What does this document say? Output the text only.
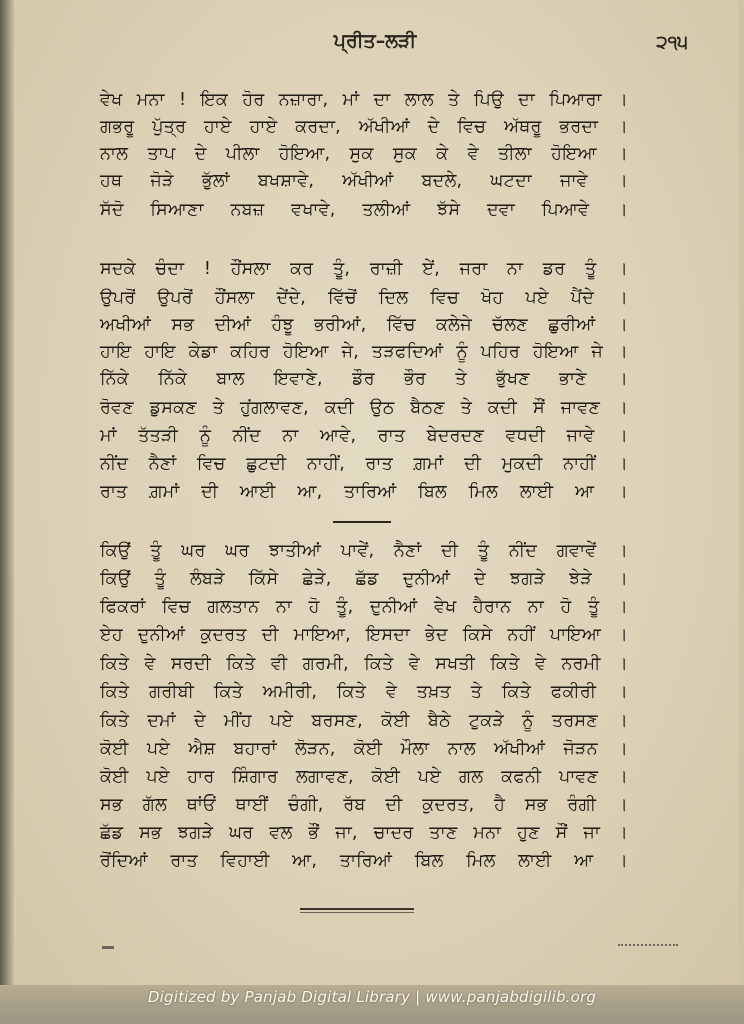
ਪ੍ਰੀਤ–ਲੜੀ	੨੧੫
ਵੇਖ ਮਨਾ ! ਇਕ ਹੋਰ ਨਜ਼ਾਰਾ, ਮਾਂ ਦਾ ਲਾਲ ਤੇ ਪਿਉ ਦਾ ਪਿਆਰਾ ।
ਗਭਰੂ ਪੁੱਤ੍ਰ ਹਾਏ ਹਾਏ ਕਰਦਾ, ਅੱਖੀਆਂ ਦੇ ਵਿਚ ਅੱਥਰੂ ਭਰਦਾ ।
ਨਾਲ ਤਾਪ ਦੇ ਪੀਲਾ ਹੋਇਆ, ਸੁਕ ਸੁਕ ਕੇ ਵੇ ਤੀਲਾ ਹੋਇਆ ।
ਹਥ ਜੋੜੇ ਭੁੱਲਾਂ ਬਖਸ਼ਾਵੇ, ਅੱਖੀਆਂ ਬਦਲੇ, ਘਟਦਾ ਜਾਵੇ ।
ਸੱਦੋ ਸਿਆਣਾ ਨਬਜ਼ ਵਖਾਵੇ, ਤਲੀਆਂ ਝੱਸੇ ਦਵਾ ਪਿਆਵੇ ।
ਸਦਕੇ ਚੰਦਾ ! ਹੌਂਸਲਾ ਕਰ ਤੂੰ, ਰਾਜ਼ੀ ਏਂ, ਜਰਾ ਨਾ ਡਰ ਤੂੰ ।
ਉਪਰੋਂ ਉਪਰੋਂ ਹੌਂਸਲਾ ਦੇਂਦੇ, ਵਿੱਚੋਂ ਦਿਲ ਵਿਚ ਖੋਹ ਪਏ ਪੈਂਦੇ ।
ਅਖੀਆਂ ਸਭ ਦੀਆਂ ਹੰਝੂ ਭਰੀਆਂ, ਵਿੱਚ ਕਲੇਜੇ ਚੱਲਣ ਛੁਰੀਆਂ ।
ਹਾਇ ਹਾਇ ਕੇਡਾ ਕਹਿਰ ਹੋਇਆ ਜੇ, ਤੜਫਦਿਆਂ ਨੂੰ ਪਹਿਰ ਹੋਇਆ ਜੇ ।
ਨਿੱਕੇ ਨਿੱਕੇ ਬਾਲ ਇਵਾਣੇ, ਡੌਰ ਭੌਰ ਤੇ ਭੁੱਖਣ ਭਾਣੇ ।
ਰੋਵਣ ਡੁਸਕਣ ਤੇ ਹੁਂਗਲਾਵਣ, ਕਦੀ ਉਠ ਬੈਠਣ ਤੇ ਕਦੀ ਸੌਂ ਜਾਵਣ ।
ਮਾਂ ਤੱਤੜੀ ਨੂੰ ਨੀਂਦ ਨਾ ਆਵੇ, ਰਾਤ ਬੇਦਰਦਣ ਵਧਦੀ ਜਾਵੇ ।
ਨੀਂਦ ਨੈਣਾਂ ਵਿਚ ਛੁਟਦੀ ਨਾਹੀਂ, ਰਾਤ ਗ਼ਮਾਂ ਦੀ ਮੁਕਦੀ ਨਾਹੀਂ ।
ਰਾਤ ਗ਼ਮਾਂ ਦੀ ਆਈ ਆ, ਤਾਰਿਆਂ ਬਿਲ ਮਿਲ ਲਾਈ ਆ ।
ਕਿਉਂ ਤੂੰ ਘਰ ਘਰ ਝਾਤੀਆਂ ਪਾਵੇਂ, ਨੈਣਾਂ ਦੀ ਤੂੰ ਨੀਂਦ ਗਵਾਵੇਂ ।
ਕਿਉਂ ਤੂੰ ਲੰਬੜੇ ਕਿੱਸੇ ਛੇੜੇ, ਛੱਡ ਦੁਨੀਆਂ ਦੇ ਝਗੜੇ ਝੇੜੇ ।
ਫਿਕਰਾਂ ਵਿਚ ਗਲਤਾਨ ਨਾ ਹੋ ਤੂੰ, ਦੁਨੀਆਂ ਵੇਖ ਹੈਰਾਨ ਨਾ ਹੋ ਤੂੰ ।
ਏਹ ਦੁਨੀਆਂ ਕੁਦਰਤ ਦੀ ਮਾਇਆ, ਇਸਦਾ ਭੇਦ ਕਿਸੇ ਨਹੀਂ ਪਾਇਆ ।
ਕਿਤੇ ਵੇ ਸਰਦੀ ਕਿਤੇ ਵੀ ਗਰਮੀ, ਕਿਤੇ ਵੇ ਸਖਤੀ ਕਿਤੇ ਵੇ ਨਰਮੀ ।
ਕਿਤੇ ਗਰੀਬੀ ਕਿਤੇ ਅਮੀਰੀ, ਕਿਤੇ ਵੇ ਤਖ਼ਤ ਤੇ ਕਿਤੇ ਫਕੀਰੀ ।
ਕਿਤੇ ਦਮਾਂ ਦੇ ਮੀਂਹ ਪਏ ਬਰਸਣ, ਕੋਈ ਬੈਠੇ ਟੁਕੜੇ ਨੂੰ ਤਰਸਣ ।
ਕੋਈ ਪਏ ਐਸ਼ ਬਹਾਰਾਂ ਲੋੜਨ, ਕੋਈ ਮੌਲਾ ਨਾਲ ਅੱਖੀਆਂ ਜੋੜਨ ।
ਕੋਈ ਪਏ ਹਾਰ ਸ਼ਿੰਗਾਰ ਲਗਾਵਣ, ਕੋਈ ਪਏ ਗਲ ਕਫਨੀ ਪਾਵਣ ।
ਸਭ ਗੱਲ ਥਾਂਓਂ ਥਾਈਂ ਚੰਗੀ, ਰੱਬ ਦੀ ਕੁਦਰਤ, ਹੈ ਸਭ ਰੰਗੀ ।
ਛੱਡ ਸਭ ਝਗੜੇ ਘਰ ਵਲ ਭੌਂ ਜਾ, ਚਾਦਰ ਤਾਣ ਮਨਾ ਹੁਣ ਸੌਂ ਜਾ ।
ਰੋਂਦਿਆਂ ਰਾਤ ਵਿਹਾਈ ਆ, ਤਾਰਿਆਂ ਬਿਲ ਮਿਲ ਲਾਈ ਆ ।
Digitized by Panjab Digital Library | www.panjabdigilib.org
